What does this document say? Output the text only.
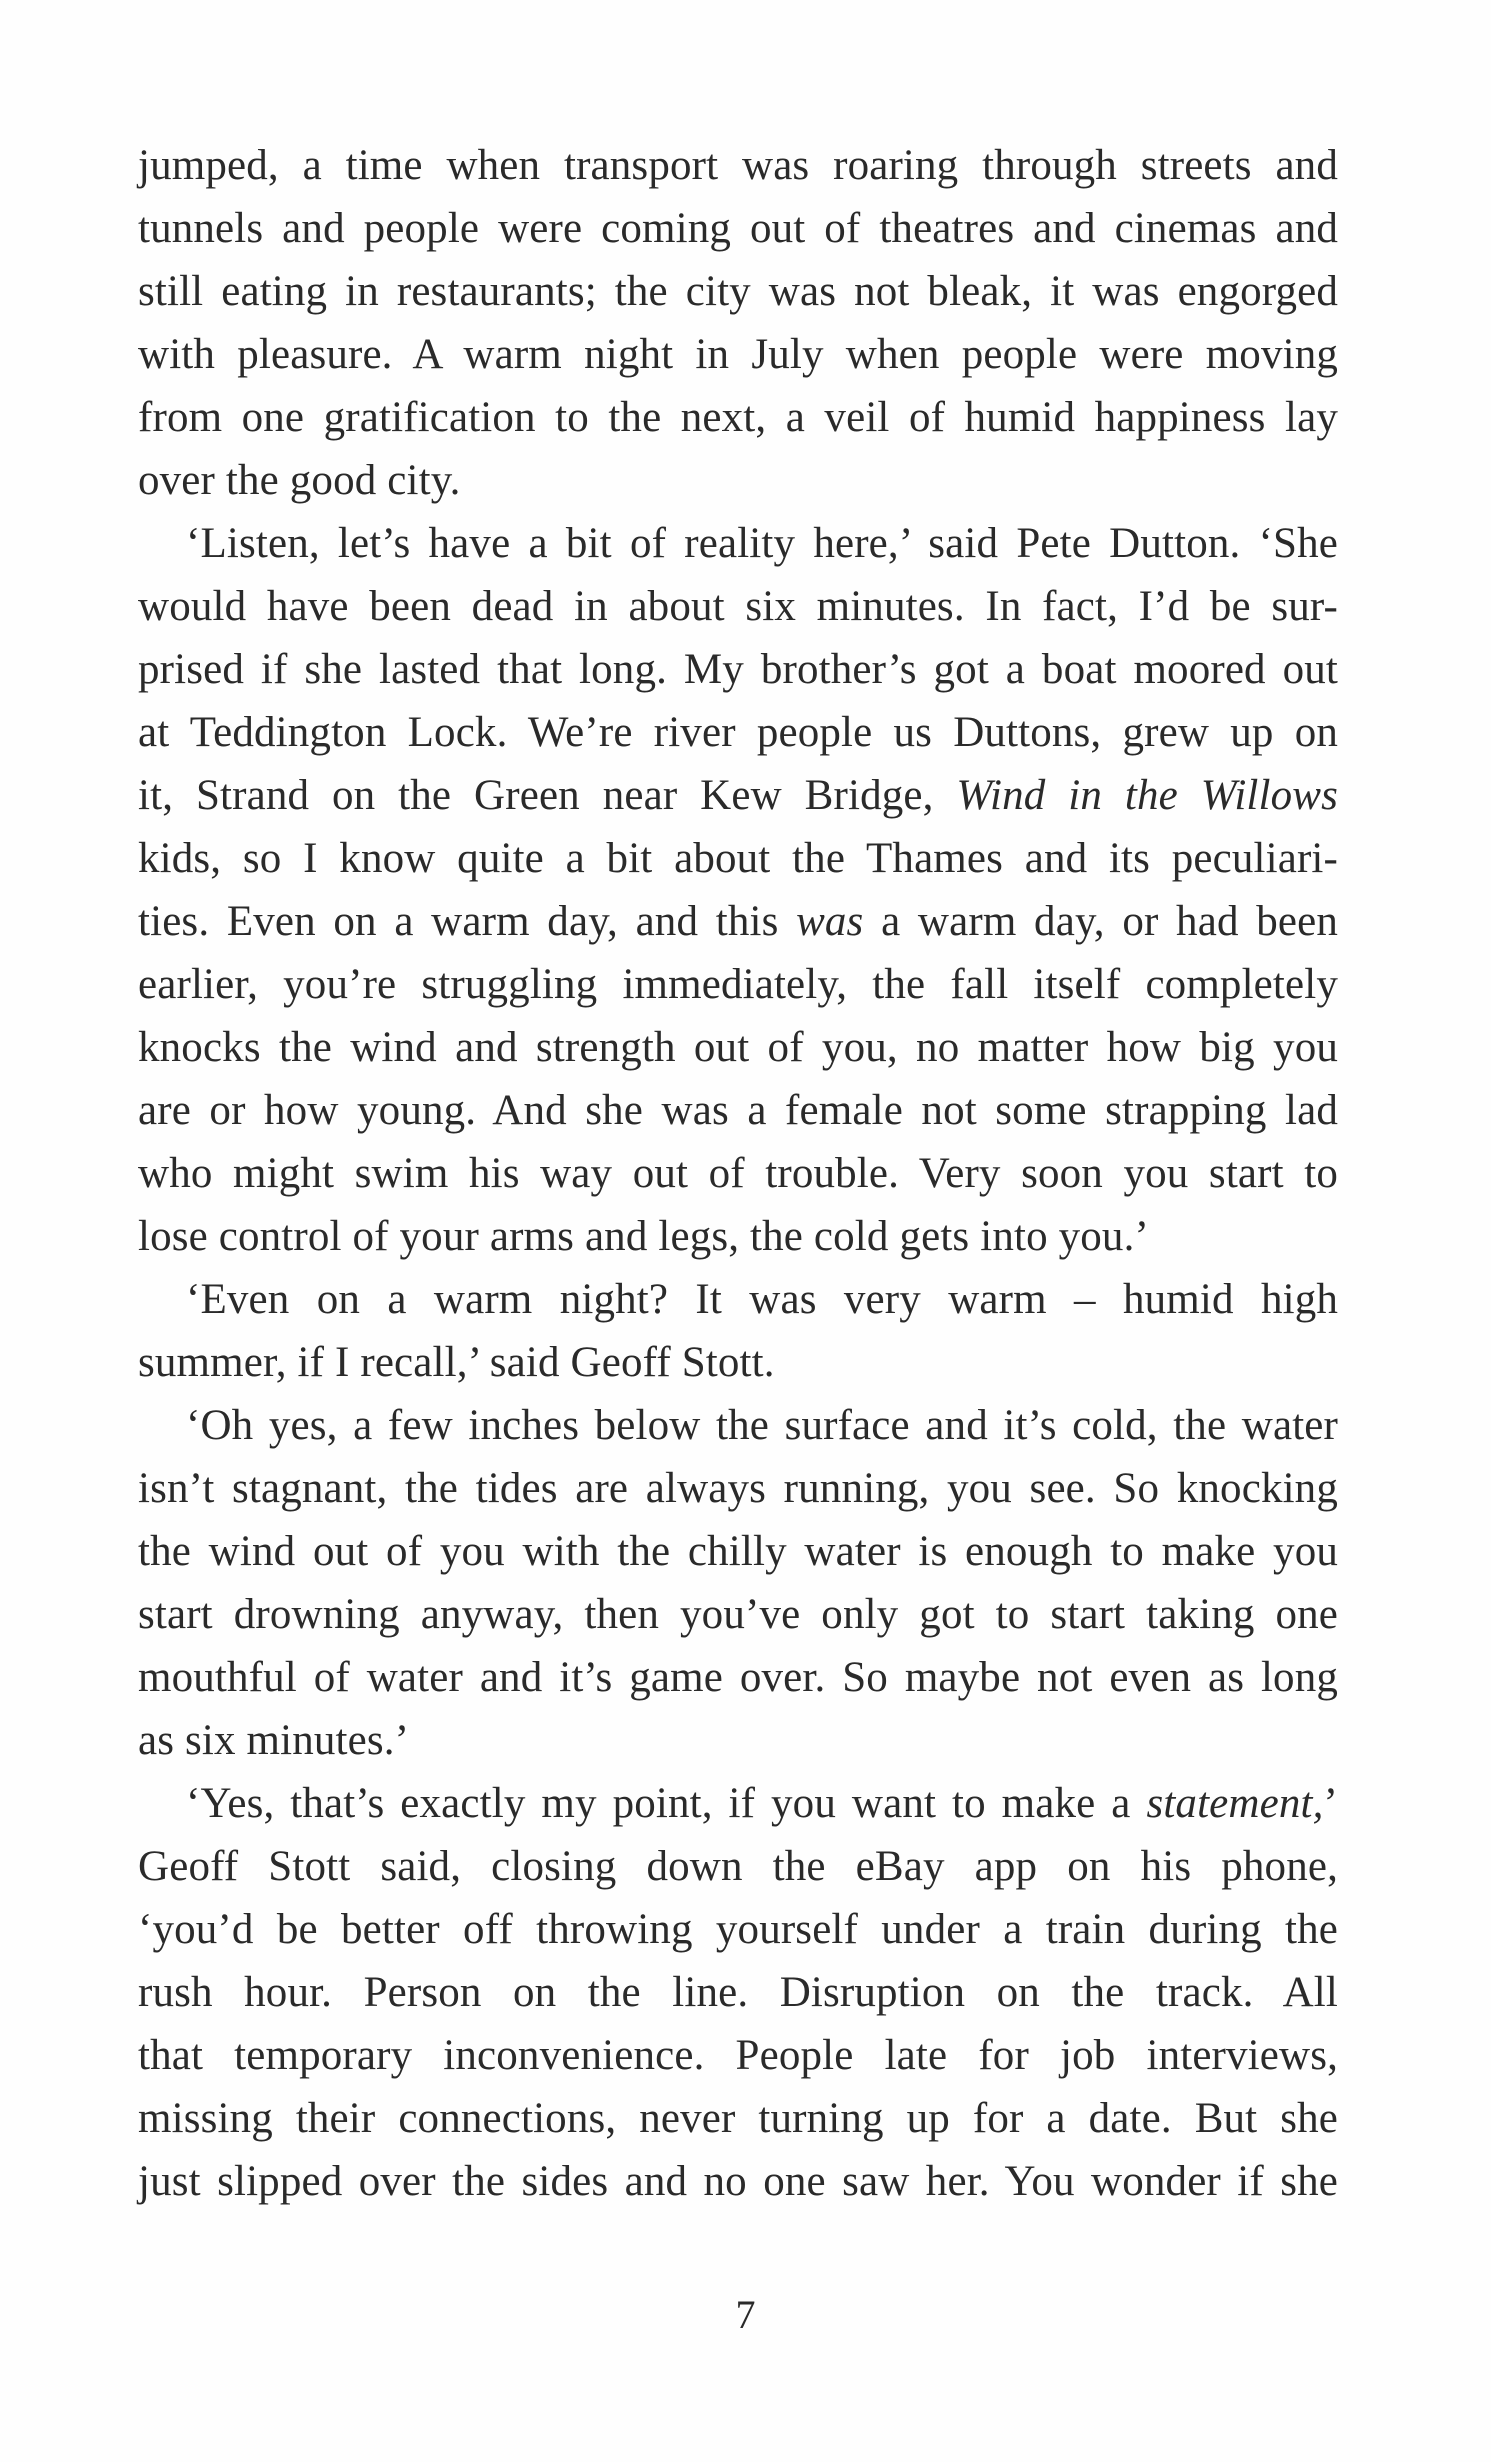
jumped, a time when transport was roaring through streets and
tunnels and people were coming out of theatres and cinemas and
still eating in restaurants; the city was not bleak, it was engorged
with pleasure. A warm night in July when people were moving
from one gratification to the next, a veil of humid happiness lay
over the good city.
‘Listen, let’s have a bit of reality here,’ said Pete Dutton. ‘She
would have been dead in about six minutes. In fact, I’d be sur-
prised if she lasted that long. My brother’s got a boat moored out
at Teddington Lock. We’re river people us Duttons, grew up on
it, Strand on the Green near Kew Bridge, Wind in the Willows
kids, so I know quite a bit about the Thames and its peculiari-
ties. Even on a warm day, and this was a warm day, or had been
earlier, you’re struggling immediately, the fall itself completely
knocks the wind and strength out of you, no matter how big you
are or how young. And she was a female not some strapping lad
who might swim his way out of trouble. Very soon you start to
lose control of your arms and legs, the cold gets into you.’
‘Even on a warm night? It was very warm – humid high
summer, if I recall,’ said Geoff Stott.
‘Oh yes, a few inches below the surface and it’s cold, the water
isn’t stagnant, the tides are always running, you see. So knocking
the wind out of you with the chilly water is enough to make you
start drowning anyway, then you’ve only got to start taking one
mouthful of water and it’s game over. So maybe not even as long
as six minutes.’
‘Yes, that’s exactly my point, if you want to make a statement,’
Geoff Stott said, closing down the eBay app on his phone,
‘you’d be better off throwing yourself under a train during the
rush hour. Person on the line. Disruption on the track. All
that temporary inconvenience. People late for job interviews,
missing their connections, never turning up for a date. But she
just slipped over the sides and no one saw her. You wonder if she
7
